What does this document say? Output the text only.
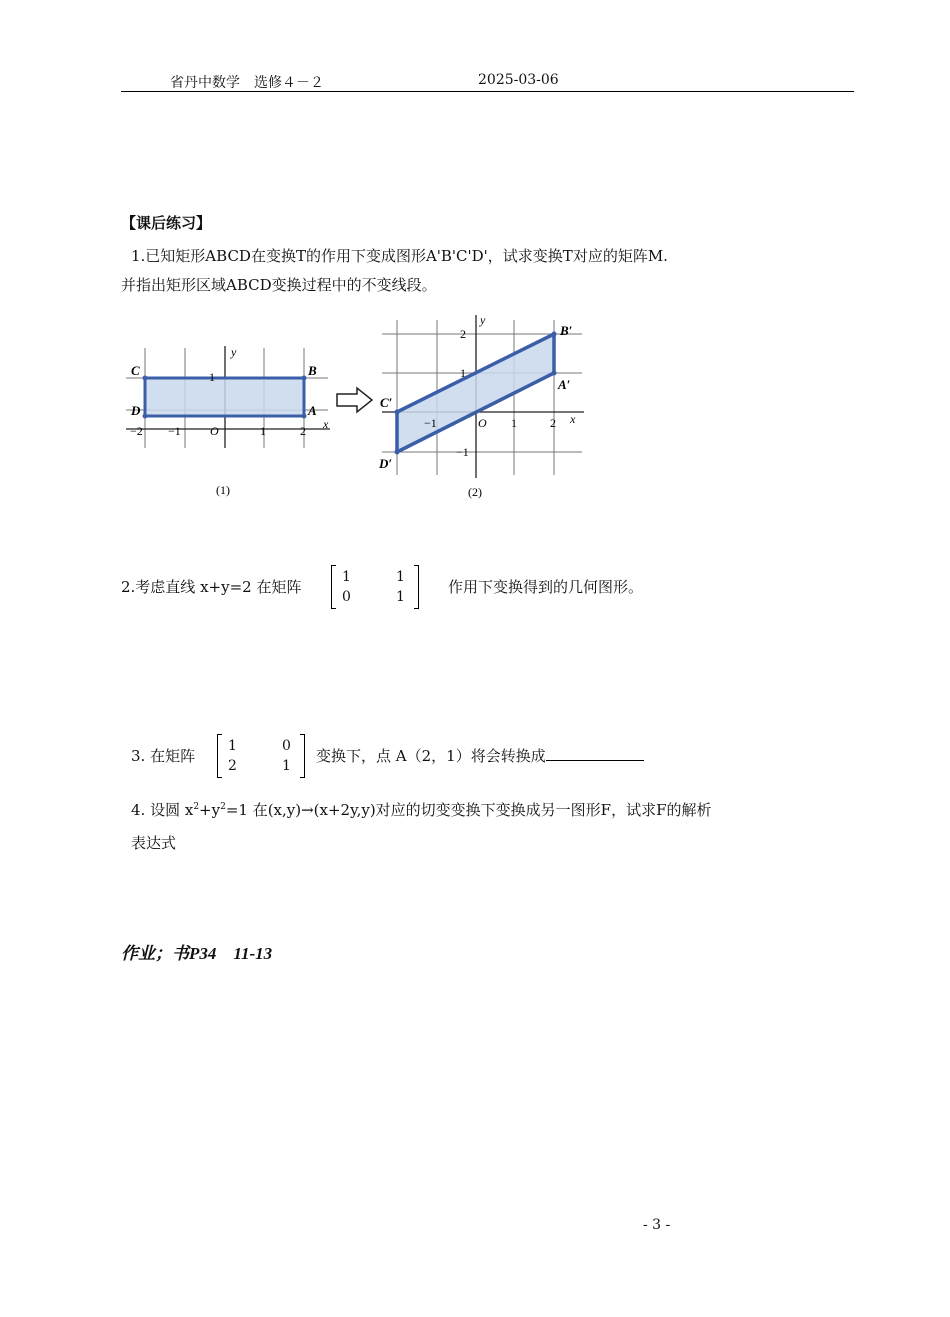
省丹中数学　选修４－２	2025-03-06
【课后练习】
1.已知矩形ABCD在变换T的作用下变成图形A'B'C'D'，试求变换T对应的矩阵M.
并指出矩形区域ABCD变换过程中的不变线段。
y
x
1
−2 −1 O	1	2
C	B
D	A
(1)
y
x
2
1
−1
−1	O 1	2
B′
A′
C′
D′
(2)
2.考虑直线 x+y=2 在矩阵
1	1
0	1
作用下变换得到的几何图形。
3. 在矩阵
1	0
2	1
变换下，点 A（2，1）将会转换成
4. 设圆 $x^2+y^2=1$ 在(x,y)→(x+2y,y)对应的切变变换下变换成另一图形F，试求F的解析
表达式
作业；书P34    11-13
- 3 -
